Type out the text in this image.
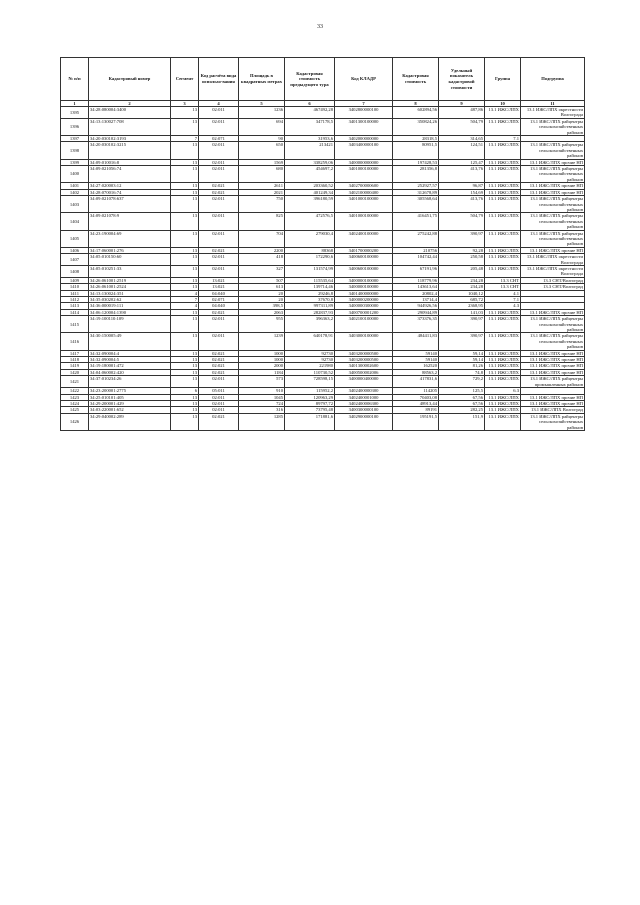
33
№ п/п	Кадастровый номер	Сегмент	Код расчёта вида использо-вания	Площадь в квадратных метрах	Кадастровая стоимость предыдущего тура	Код КЛАДР	Кадастровая стоимость	Удельный показатель кадастровой стоимости	Группа	Подгруппа
1	2	3	4	5	6	7	8	9	10	11
1395	34:28:080004:3400	13	02:011	1236	467492,28	3402800000100	602894,56	487,86	13.1 ИЖС/ЛПХ	13.1 ИЖС/ЛПХ окрестности Волгограда
1396	34:13:130027:708	13	02:011	694	347178,5	3401300100000	350824,26	504,79	13.1 ИЖС/ЛПХ	13.1 ИЖС/ЛПХ райцентры сельскохозяйственных районов
1397	34:20:030102:3193	7	02:071	90	31953,6	3402000000000	28318,5	314,65	7.1	
1398	34:20:030102:3215	13	02:011	650	213421	3403400000100	80951,5	124,51	13.1 ИЖС/ЛПХ	13.1 ИЖС/ЛПХ райцентры сельскохозяйственных районов
1399	34:09:010016:8	13	02:011	1569	338259,06	3400000000000	197428,53	125,47	13.1 ИЖС/ЛПХ	13.1 ИЖС/ЛПХ прочие НП
1400	34:09:021056:74	13	02:011	680	454697,2	3401000100000	281356,8	413,76	13.1 ИЖС/ЛПХ	13.1 ИЖС/ЛПХ райцентры сельскохозяйственных районов
1401	34:27:020003:12	13	02:021	2611	203360,52	3402700000600	252927,57	96,87	13.1 ИЖС/ЛПХ	13.1 ИЖС/ЛПХ прочие НП
1402	34:28:070016:74	13	02:021	2021	401249,34	3402100000400	312678,89	154,69	13.1 ИЖС/ЛПХ	13.1 ИЖС/ЛПХ прочие НП
1403	34:09:021078:637	13	02:011	750	396180,59	3401000100000	305568,64	413,76	13.1 ИЖС/ЛПХ	13.1 ИЖС/ЛПХ райцентры сельскохозяйственных районов
1404	34:09:021078:9	13	02:011	825	472576,5	3401000100000	416451,75	504,79	13.1 ИЖС/ЛПХ	13.1 ИЖС/ЛПХ райцентры сельскохозяйственных районов
1405	34:23:190004:69	13	02:011	704	279030,4	3402400100000	275242,88	390,97	13.1 ИЖС/ЛПХ	13.1 ИЖС/ЛПХ райцентры сельскохозяйственных районов
1406	34:17:060001:276	13	02:021	2200	88368	3401700000200	210756	92,28	13.1 ИЖС/ЛПХ	13.1 ИЖС/ЛПХ прочие НП
1407	34:05:010150:60	13	02:011	418	172290,6	3400600100000	104742,44	250,58	13.1 ИЖС/ЛПХ	13.1 ИЖС/ЛПХ окрестности Волгограда
1408	34:05:010251:33	13	02:011	327	131574,99	3400600100000	67191,96	205,48	13.1 ИЖС/ЛПХ	13.1 ИЖС/ЛПХ окрестности Волгограда
1409	34:26:061001:2519	13	13:021	507	115535,64	3400000100000	118779,96	234,28	13.3 СНТ	13.3 СНТ/Волгоград
1410	34:26:061001:2524	13	13:021	613	139714,46	3400000100000	143613,64	234,28	13.3 СНТ	13.3 СНТ/Волгоград
1411	34:13:130024:351	4	04:040	20	29246,8	3401400000000	20802,4	1040,12	4.1	
1412	34:35:030202:62	7	02:071	20	37670,8	3400000200000	13714,4	685,72	7.1	
1413	34:36:000019:111	4	04:040	398,5	997311,89	3400000300000	944926,56	2368,95	4.3	
1414	34:06:120004:1390	13	02:021	2063	282837,93	3400700001200	290944,89	141,03	13.1 ИЖС/ЛПХ	13.1 ИЖС/ЛПХ прочие НП
1415	34:19:100110:109	13	02:011	955	396363,2	3402100100000	373376,35	390,97	13.1 ИЖС/ЛПХ	13.1 ИЖС/ЛПХ райцентры сельскохозяйственных районов
1416	34:30:150005:49	13	02:011	1239	640178,91	3403000100000	484411,83	390,97	13.1 ИЖС/ЛПХ	13.1 ИЖС/ЛПХ райцентры сельскохозяйственных районов
1417	34:32:090004:4	13	02:021	1000	92730	3403200000500	59140	59,14	13.1 ИЖС/ЛПХ	13.1 ИЖС/ЛПХ прочие НП
1418	34:32:090004:5	13	02:021	1000	92730	3403200000500	59140	59,14	13.1 ИЖС/ЛПХ	13.1 ИЖС/ЛПХ прочие НП
1419	34:19:180001:472	13	02:021	2000	221980	3401300002600	162520	81,26	13.1 ИЖС/ЛПХ	13.1 ИЖС/ЛПХ прочие НП
1420	34:04:060002:420	13	02:021	1184	110730,52	3400500002006	88563,2	74,8	13.1 ИЖС/ЛПХ	13.1 ИЖС/ЛПХ прочие НП
1421	34:37:010234:26	13	02:011	573	728598,15	3400000400000	417831,6	729,2	13.1 ИЖС/ЛПХ	13.1 ИЖС/ЛПХ райцентры промышленных районов
1422	34:23:200001:2775	6	05:011	910	115952,2	3402400000300	114205	125,5	6.3	
1423	34:25:010101:405	13	02:011	1045	120963,29	3402400001000	70403,08	67,56	13.1 ИЖС/ЛПХ	13.1 ИЖС/ЛПХ прочие НП
1424	34:29:200001:429	13	02:011	724	89797,72	3402400006300	48913,44	67,56	13.1 ИЖС/ЛПХ	13.1 ИЖС/ЛПХ прочие НП
1425	34:03:220001:652	13	02:011	316	73795,48	3400300000100	89191	282,25	13.1 ИЖС/ЛПХ	13.1 ИЖС/ЛПХ Волгоград
1426	34:29:040002:289	13	02:021	1285	171881,6	3402900000100	195191,5	151,9	13.1 ИЖС/ЛПХ	13.1 ИЖС/ЛПХ райцентры сельскохозяйственных районов
